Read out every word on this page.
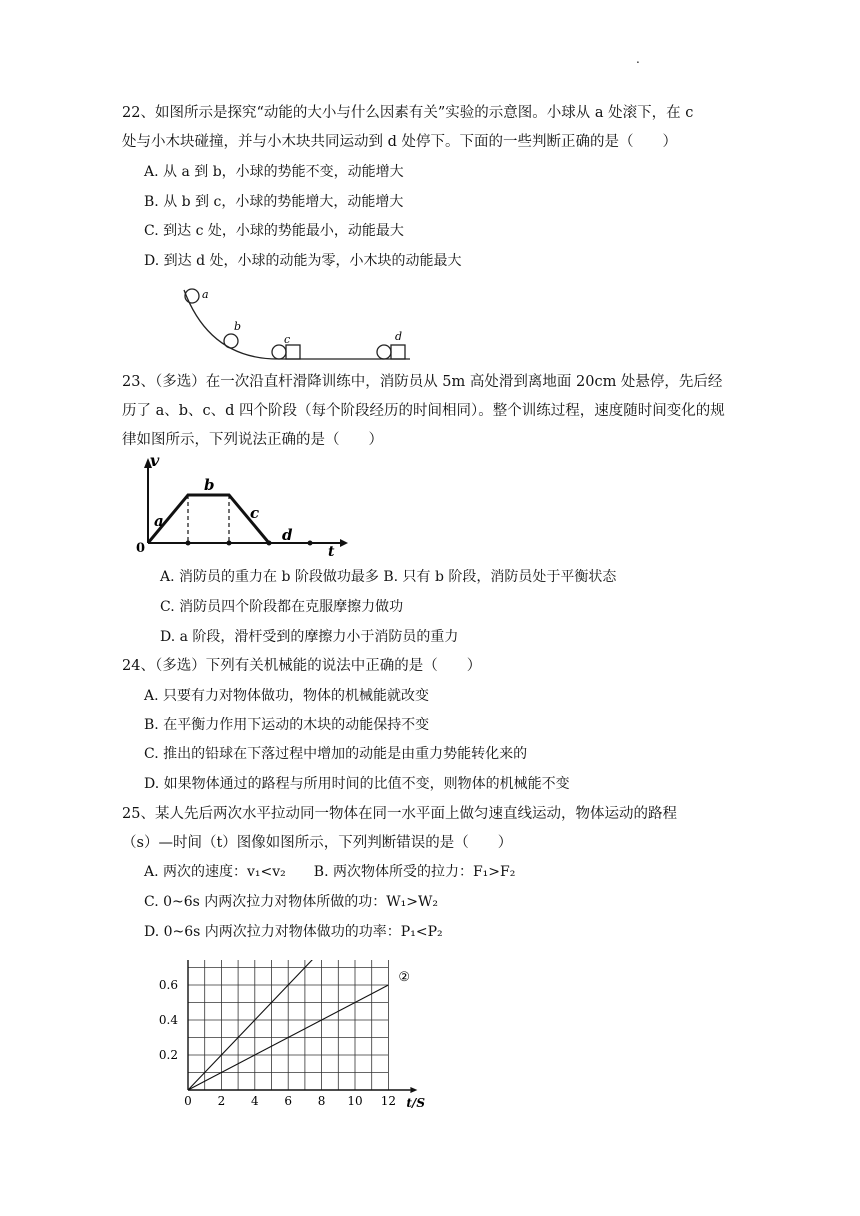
.
22、如图所示是探究“动能的大小与什么因素有关”实验的示意图。小球从 a 处滚下，在 c
处与小木块碰撞，并与小木块共同运动到 d 处停下。下面的一些判断正确的是（　　）
A. 从 a 到 b，小球的势能不变，动能增大
B. 从 b 到 c，小球的势能增大，动能增大
C. 到达 c 处，小球的势能最小，动能最大
D. 到达 d 处，小球的动能为零，小木块的动能最大
a
b
c	d
23、（多选）在一次沿直杆滑降训练中，消防员从 5m 高处滑到离地面 20cm 处悬停，先后经
历了 a、b、c、d 四个阶段（每个阶段经历的时间相同）。整个训练过程，速度随时间变化的规
律如图所示，下列说法正确的是（　　）
v
t
0
a
b
c
d
A. 消防员的重力在 b 阶段做功最多 B. 只有 b 阶段，消防员处于平衡状态
C. 消防员四个阶段都在克服摩擦力做功
D. a 阶段，滑杆受到的摩擦力小于消防员的重力
24、（多选）下列有关机械能的说法中正确的是（　　）
A. 只要有力对物体做功，物体的机械能就改变
B. 在平衡力作用下运动的木块的动能保持不变
C. 推出的铅球在下落过程中增加的动能是由重力势能转化来的
D. 如果物体通过的路程与所用时间的比值不变，则物体的机械能不变
25、某人先后两次水平拉动同一物体在同一水平面上做匀速直线运动，物体运动的路程
（s）—时间（t）图像如图所示，下列判断错误的是（　　）
A. 两次的速度：v₁<v₂　　B. 两次物体所受的拉力：F₁>F₂
C. 0~6s 内两次拉力对物体所做的功：W₁>W₂
D. 0~6s 内两次拉力对物体做功的功率：P₁<P₂
②
0 2 4 6 8 10 12
0.2
0.4
0.6
t/S
